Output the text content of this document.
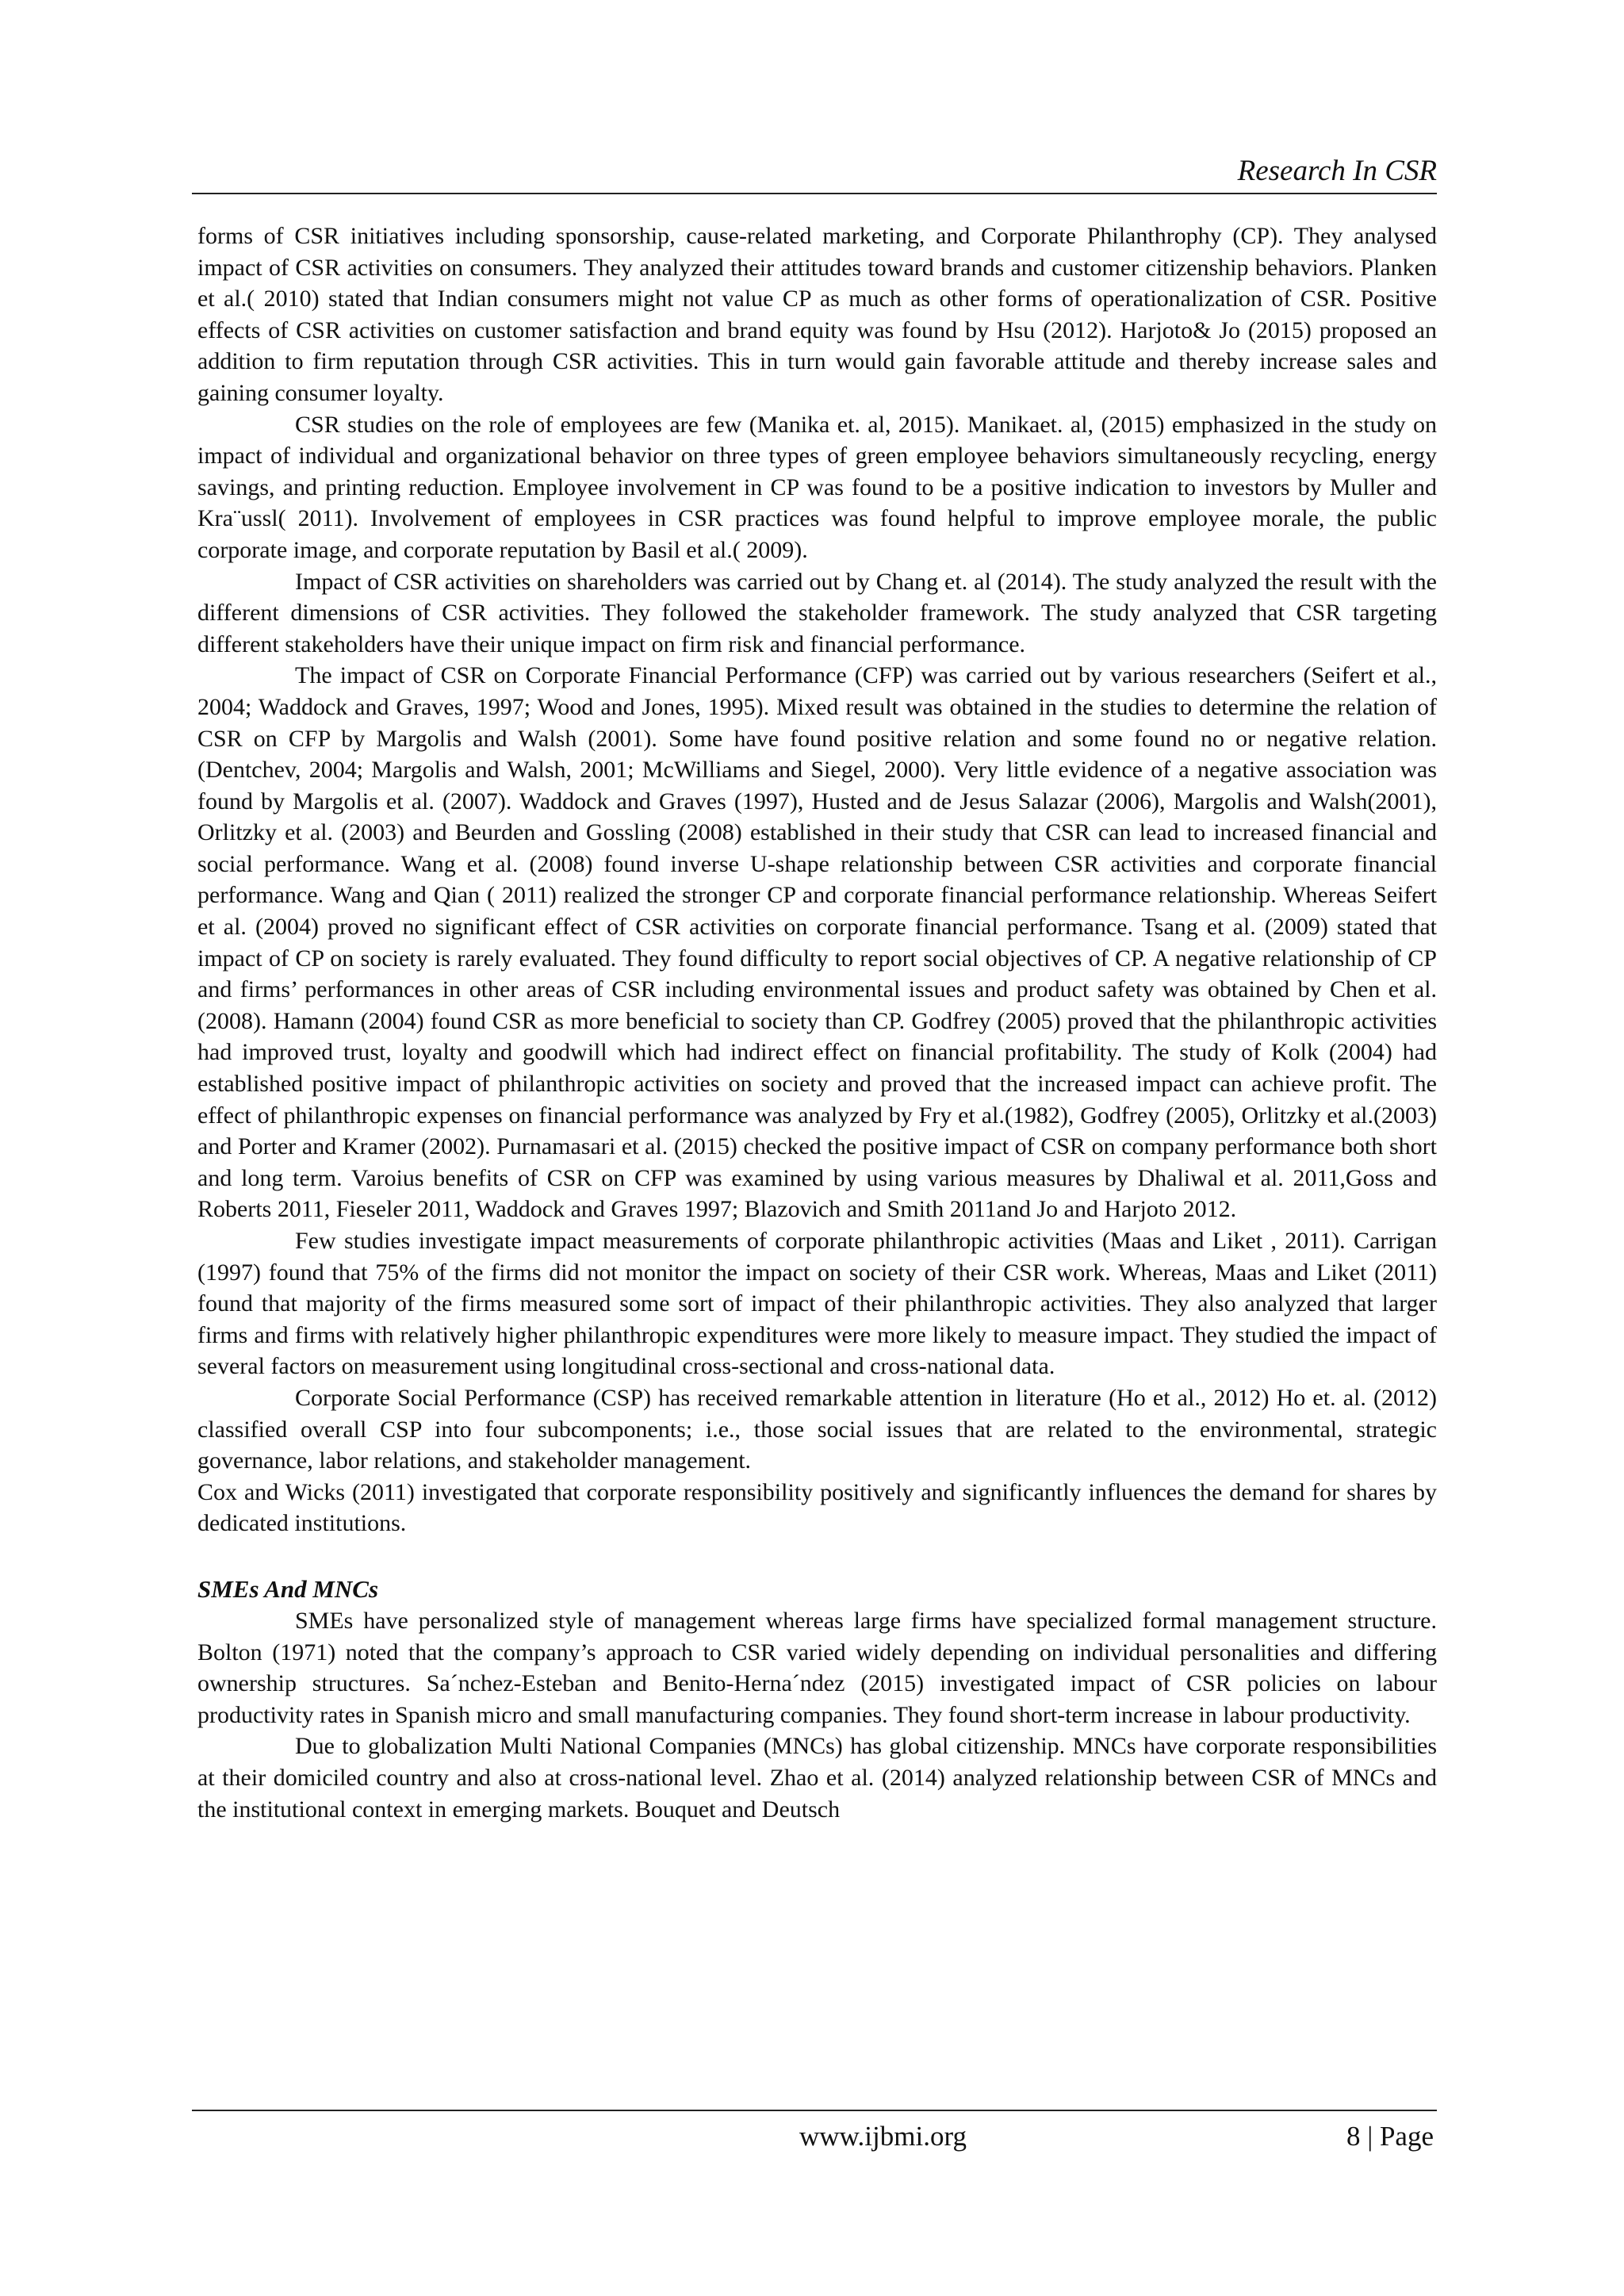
Research In CSR

forms of CSR initiatives including sponsorship, cause-related marketing, and Corporate Philanthrophy (CP). They analysed impact of CSR activities on consumers. They analyzed their attitudes toward brands and customer citizenship behaviors. Planken et al.( 2010) stated that Indian consumers might not value CP as much as other forms of operationalization of CSR. Positive effects of CSR activities on customer satisfaction and brand equity was found by Hsu (2012). Harjoto& Jo (2015) proposed an addition to firm reputation through CSR activities. This in turn would gain favorable attitude and thereby increase sales and gaining consumer loyalty.

CSR studies on the role of employees are few (Manika et. al, 2015). Manikaet. al, (2015) emphasized in the study on impact of individual and organizational behavior on three types of green employee behaviors simultaneously recycling, energy savings, and printing reduction. Employee involvement in CP was found to be a positive indication to investors by Muller and Kra¨ussl( 2011). Involvement of employees in CSR practices was found helpful to improve employee morale, the public corporate image, and corporate reputation by Basil et al.( 2009).

Impact of CSR activities on shareholders was carried out by Chang et. al (2014). The study analyzed the result with the different dimensions of CSR activities. They followed the stakeholder framework. The study analyzed that CSR targeting different stakeholders have their unique impact on firm risk and financial performance.

The impact of CSR on Corporate Financial Performance (CFP) was carried out by various researchers (Seifert et al., 2004; Waddock and Graves, 1997; Wood and Jones, 1995). Mixed result was obtained in the studies to determine the relation of CSR on CFP by Margolis and Walsh (2001). Some have found positive relation and some found no or negative relation. (Dentchev, 2004; Margolis and Walsh, 2001; McWilliams and Siegel, 2000). Very little evidence of a negative association was found by Margolis et al. (2007). Waddock and Graves (1997), Husted and de Jesus Salazar (2006), Margolis and Walsh(2001), Orlitzky et al. (2003) and Beurden and Gossling (2008) established in their study that CSR can lead to increased financial and social performance. Wang et al. (2008) found inverse U-shape relationship between CSR activities and corporate financial performance. Wang and Qian ( 2011) realized the stronger CP and corporate financial performance relationship. Whereas Seifert et al. (2004) proved no significant effect of CSR activities on corporate financial performance. Tsang et al. (2009) stated that impact of CP on society is rarely evaluated. They found difficulty to report social objectives of CP. A negative relationship of CP and firms’ performances in other areas of CSR including environmental issues and product safety was obtained by Chen et al. (2008). Hamann (2004) found CSR as more beneficial to society than CP. Godfrey (2005) proved that the philanthropic activities had improved trust, loyalty and goodwill which had indirect effect on financial profitability. The study of Kolk (2004) had established positive impact of philanthropic activities on society and proved that the increased impact can achieve profit. The effect of philanthropic expenses on financial performance was analyzed by Fry et al.(1982), Godfrey (2005), Orlitzky et al.(2003) and Porter and Kramer (2002). Purnamasari et al. (2015) checked the positive impact of CSR on company performance both short and long term. Varoius benefits of CSR on CFP was examined by using various measures by Dhaliwal et al. 2011,Goss and Roberts 2011, Fieseler 2011, Waddock and Graves 1997; Blazovich and Smith 2011and Jo and Harjoto 2012.

Few studies investigate impact measurements of corporate philanthropic activities (Maas and Liket , 2011). Carrigan (1997) found that 75% of the firms did not monitor the impact on society of their CSR work. Whereas, Maas and Liket (2011) found that majority of the firms measured some sort of impact of their philanthropic activities. They also analyzed that larger firms and firms with relatively higher philanthropic expenditures were more likely to measure impact. They studied the impact of several factors on measurement using longitudinal cross-sectional and cross-national data.

Corporate Social Performance (CSP) has received remarkable attention in literature (Ho et al., 2012) Ho et. al. (2012) classified overall CSP into four subcomponents; i.e., those social issues that are related to the environmental, strategic governance, labor relations, and stakeholder management.

Cox and Wicks (2011) investigated that corporate responsibility positively and significantly influences the demand for shares by dedicated institutions.

SMEs And MNCs

SMEs have personalized style of management whereas large firms have specialized formal management structure. Bolton (1971) noted that the company’s approach to CSR varied widely depending on individual personalities and differing ownership structures. Sa´nchez-Esteban and Benito-Herna´ndez (2015) investigated impact of CSR policies on labour productivity rates in Spanish micro and small manufacturing companies. They found short-term increase in labour productivity.

Due to globalization Multi National Companies (MNCs) has global citizenship. MNCs have corporate responsibilities at their domiciled country and also at cross-national level. Zhao et al. (2014) analyzed relationship between CSR of MNCs and the institutional context in emerging markets. Bouquet and Deutsch

www.ijbmi.org	8 | Page
